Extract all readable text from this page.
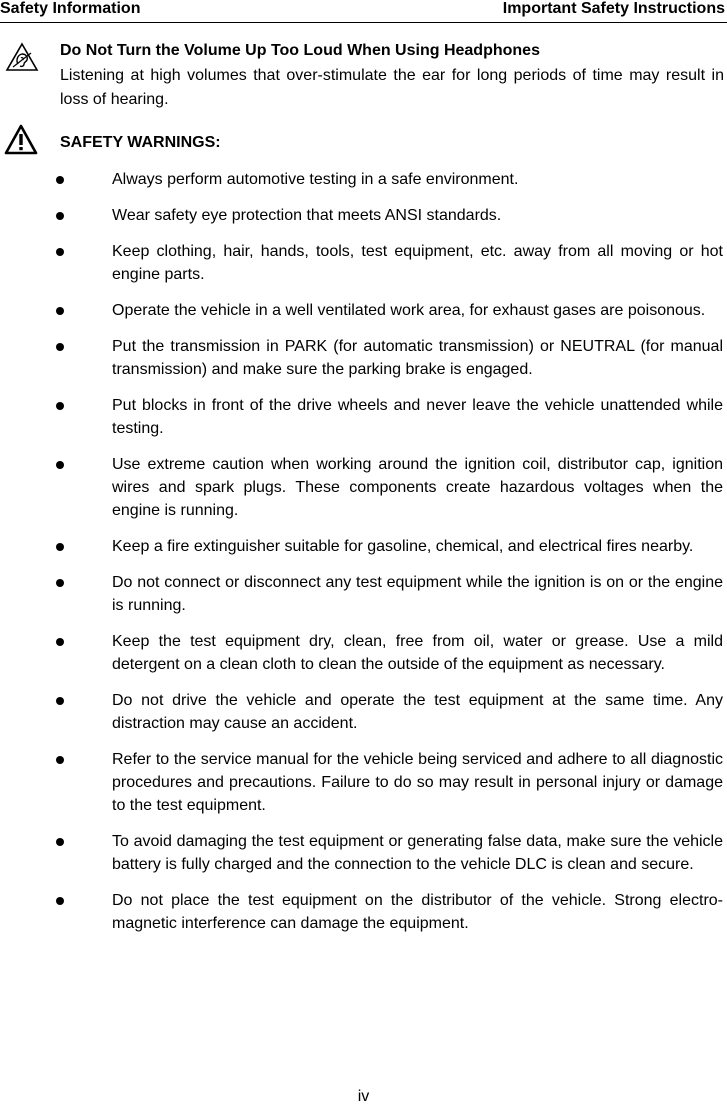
Safety Information	Important Safety Instructions
Do Not Turn the Volume Up Too Loud When Using Headphones
Listening at high volumes that over-stimulate the ear for long periods of time may result in loss of hearing.
SAFETY WARNINGS:
Always perform automotive testing in a safe environment.
Wear safety eye protection that meets ANSI standards.
Keep clothing, hair, hands, tools, test equipment, etc. away from all moving or hot engine parts.
Operate the vehicle in a well ventilated work area, for exhaust gases are poisonous.
Put the transmission in PARK (for automatic transmission) or NEUTRAL (for manual transmission) and make sure the parking brake is engaged.
Put blocks in front of the drive wheels and never leave the vehicle unattended while testing.
Use extreme caution when working around the ignition coil, distributor cap, ignition wires and spark plugs. These components create hazardous voltages when the engine is running.
Keep a fire extinguisher suitable for gasoline, chemical, and electrical fires nearby.
Do not connect or disconnect any test equipment while the ignition is on or the engine is running.
Keep the test equipment dry, clean, free from oil, water or grease. Use a mild detergent on a clean cloth to clean the outside of the equipment as necessary.
Do not drive the vehicle and operate the test equipment at the same time. Any distraction may cause an accident.
Refer to the service manual for the vehicle being serviced and adhere to all diagnostic procedures and precautions. Failure to do so may result in personal injury or damage to the test equipment.
To avoid damaging the test equipment or generating false data, make sure the vehicle battery is fully charged and the connection to the vehicle DLC is clean and secure.
Do not place the test equipment on the distributor of the vehicle. Strong electro-magnetic interference can damage the equipment.
iv
